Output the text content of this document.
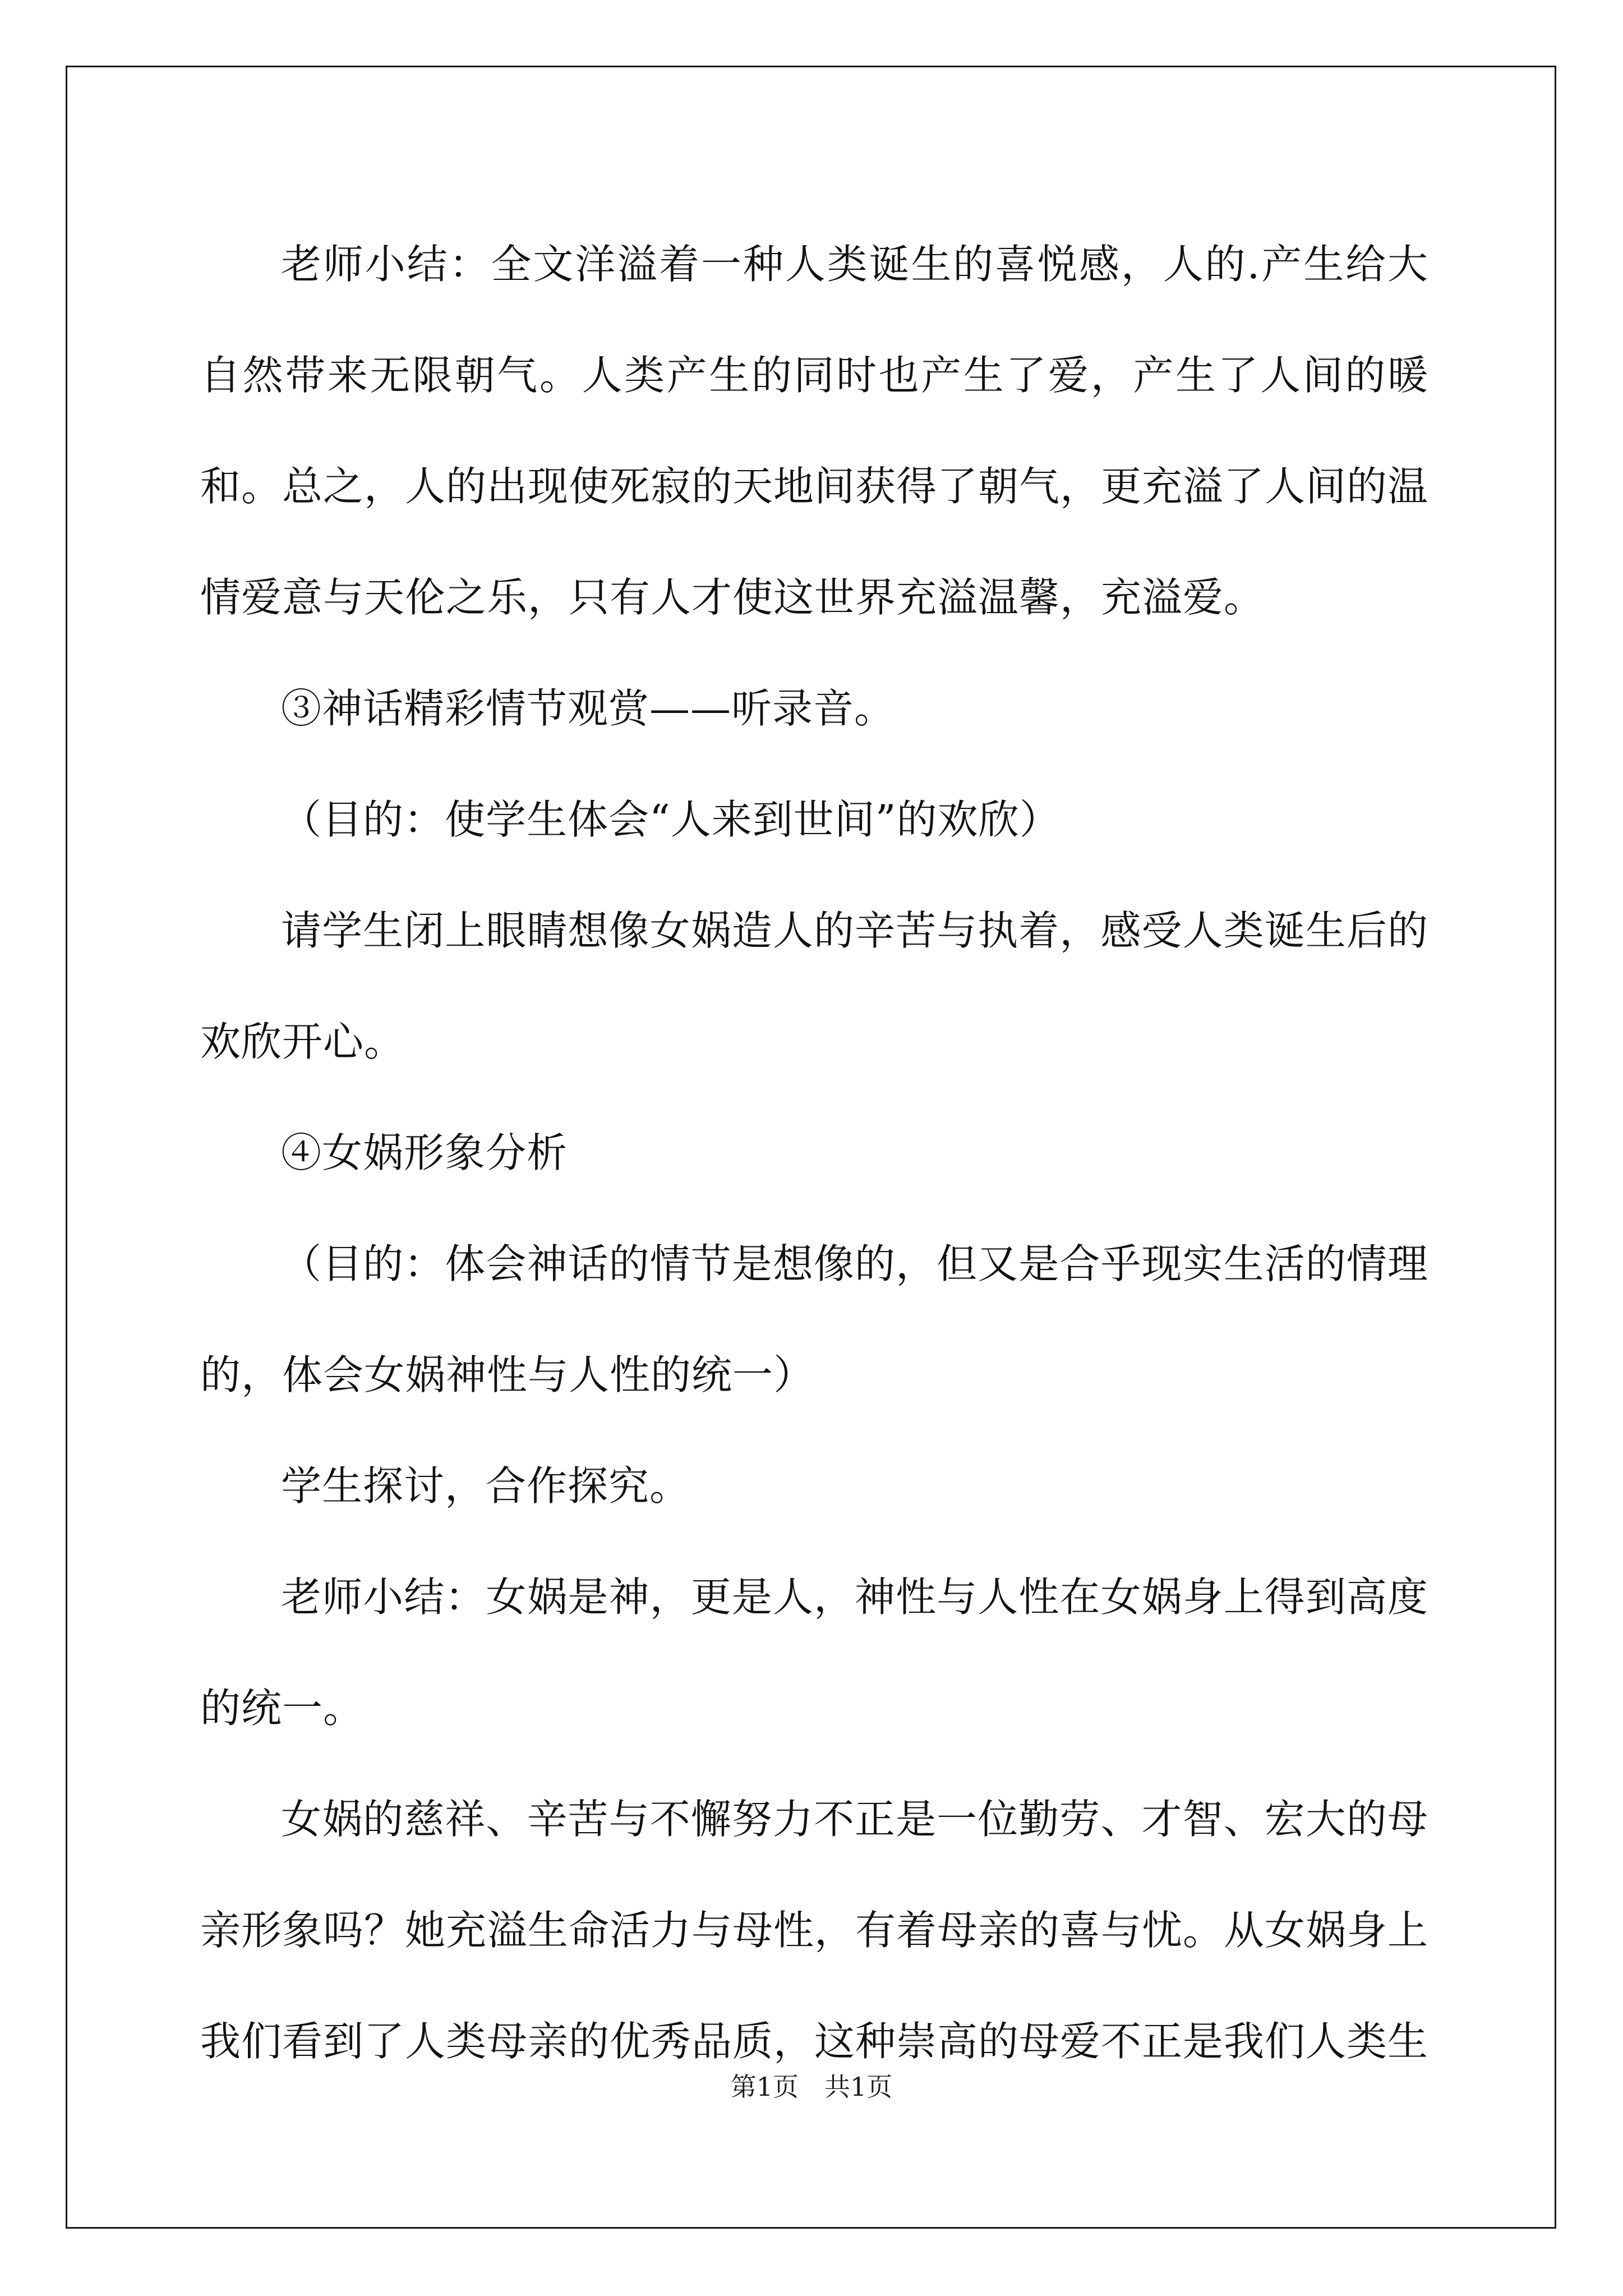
老师小结：全文洋溢着一种人类诞生的喜悦感，人的.产生给大自然带来无限朝气。人类产生的同时也产生了爱，产生了人间的暖和。总之，人的出现使死寂的天地间获得了朝气，更充溢了人间的温情爱意与天伦之乐，只有人才使这世界充溢温馨，充溢爱。

③神话精彩情节观赏——听录音。

（目的：使学生体会“人来到世间”的欢欣）

请学生闭上眼睛想像女娲造人的辛苦与执着，感受人类诞生后的欢欣开心。

④女娲形象分析

（目的：体会神话的情节是想像的，但又是合乎现实生活的情理的，体会女娲神性与人性的统一）

学生探讨，合作探究。

老师小结：女娲是神，更是人，神性与人性在女娲身上得到高度的统一。

女娲的慈祥、辛苦与不懈努力不正是一位勤劳、才智、宏大的母亲形象吗？她充溢生命活力与母性，有着母亲的喜与忧。从女娲身上我们看到了人类母亲的优秀品质，这种崇高的母爱不正是我们人类生

第1页　共1页
